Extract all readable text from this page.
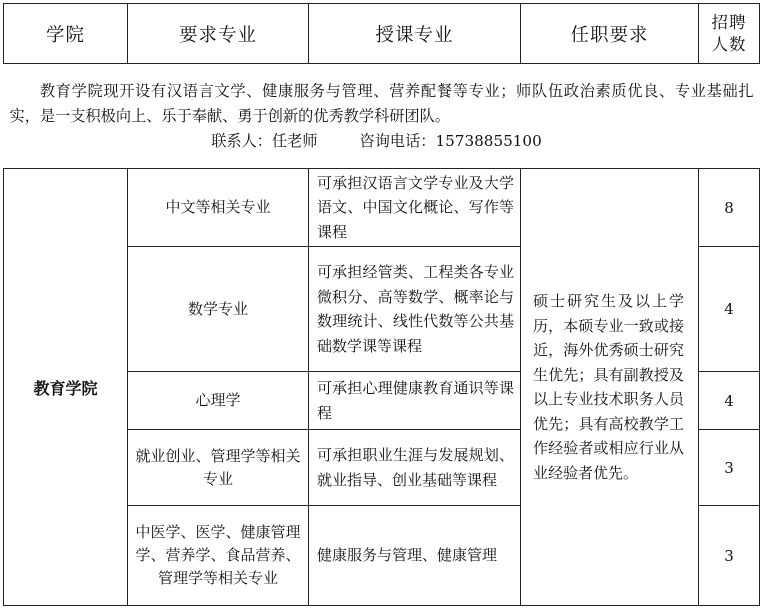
学院	要求专业	授课专业	任职要求	招聘
人数

教育学院现开设有汉语言文学、健康服务与管理、营养配餐等专业；师队伍政治素质优良、专业基础扎实，是一支积极向上、乐于奉献、勇于创新的优秀教学科研团队。
联系人：任老师 咨询电话：15738855100				

教育学院	中文等相关专业	可承担汉语言文学专业及大学语文、中国文化概论、写作等课程	硕士研究生及以上学历，本硕专业一致或接近，海外优秀硕士研究生优先；具有副教授及以上专业技术职务人员优先；具有高校教学工作经验者或相应行业从业经验者优先。	8
	数学专业	可承担经管类、工程类各专业微积分、高等数学、概率论与数理统计、线性代数等公共基础数学课等课程		4
	心理学	可承担心理健康教育通识等课程		4
	就业创业、管理学等相关专业	可承担职业生涯与发展规划、就业指导、创业基础等课程		3
	中医学、医学、健康管理学、营养学、食品营养、管理学等相关专业	健康服务与管理、健康管理		3
